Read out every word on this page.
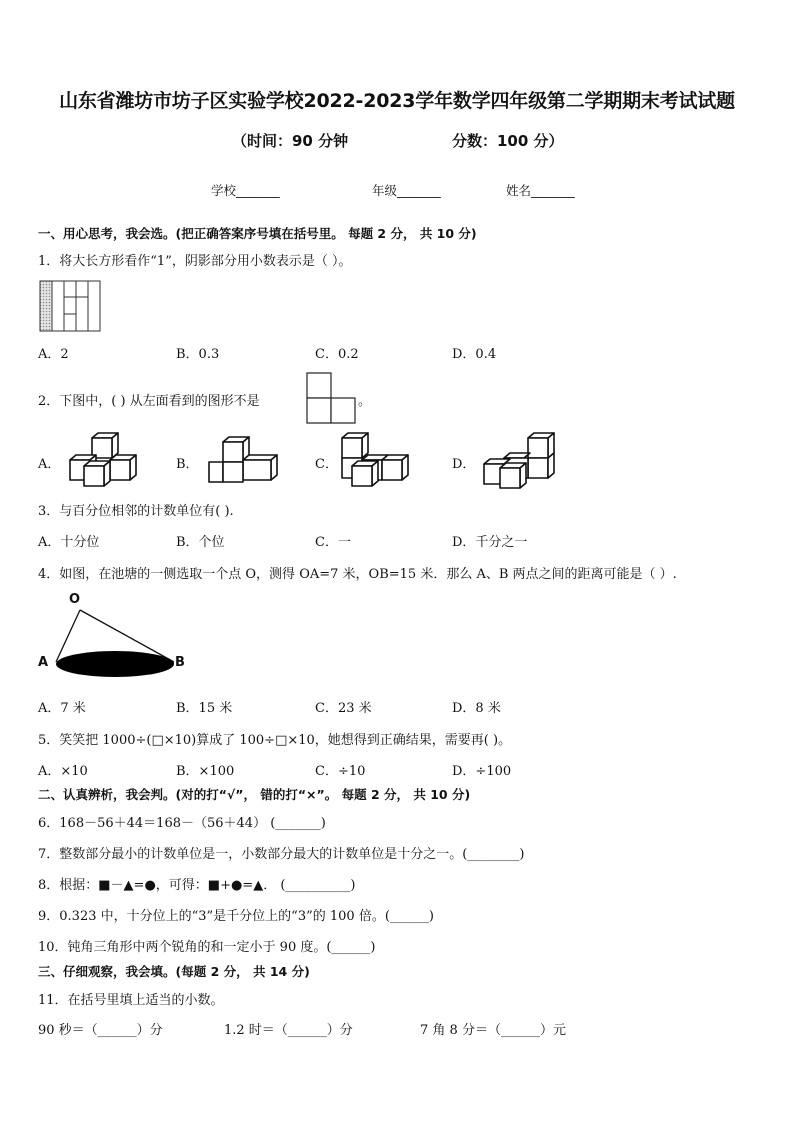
山东省潍坊市坊子区实验学校2022-2023学年数学四年级第二学期期末考试试题
（时间：90 分钟	分数：100 分）
学校_______	年级_______	姓名_______
一、用心思考，我会选。(把正确答案序号填在括号里。 每题 2 分， 共 10 分)
1．将大长方形看作“1”，阴影部分用小数表示是（ ）。
A．2	B．0.3	C．0.2	D．0.4
2．下图中，( ) 从左面看到的图形不是	。
A．	B．	C．	D．
3．与百分位相邻的计数单位有( ).
A．十分位	B．个位	C．一	D．千分之一
4．如图，在池塘的一侧选取一个点 O，测得 OA=7 米，OB=15 米．那么 A、B 两点之间的距离可能是（ ）.
O
A	B
A．7 米	B．15 米	C．23 米	D．8 米
5．笑笑把 1000÷(□×10)算成了 100÷□×10，她想得到正确结果，需要再( )。
A．×10	B．×100	C．÷10	D．÷100
二、认真辨析，我会判。(对的打“√”， 错的打“×”。 每题 2 分， 共 10 分)
6．168－56＋44＝168－（56＋44） (_______)
7．整数部分最小的计数单位是一，小数部分最大的计数单位是十分之一。(________)
8．根据：■－▲=●，可得：■+●=▲． (__________)
9．0.323 中，十分位上的“3”是千分位上的“3”的 100 倍。(______)
10．钝角三角形中两个锐角的和一定小于 90 度。(______)
三、仔细观察，我会填。(每题 2 分， 共 14 分)
11．在括号里填上适当的小数。
90 秒＝（______）分	1.2 时＝（______）分	7 角 8 分＝（______）元
